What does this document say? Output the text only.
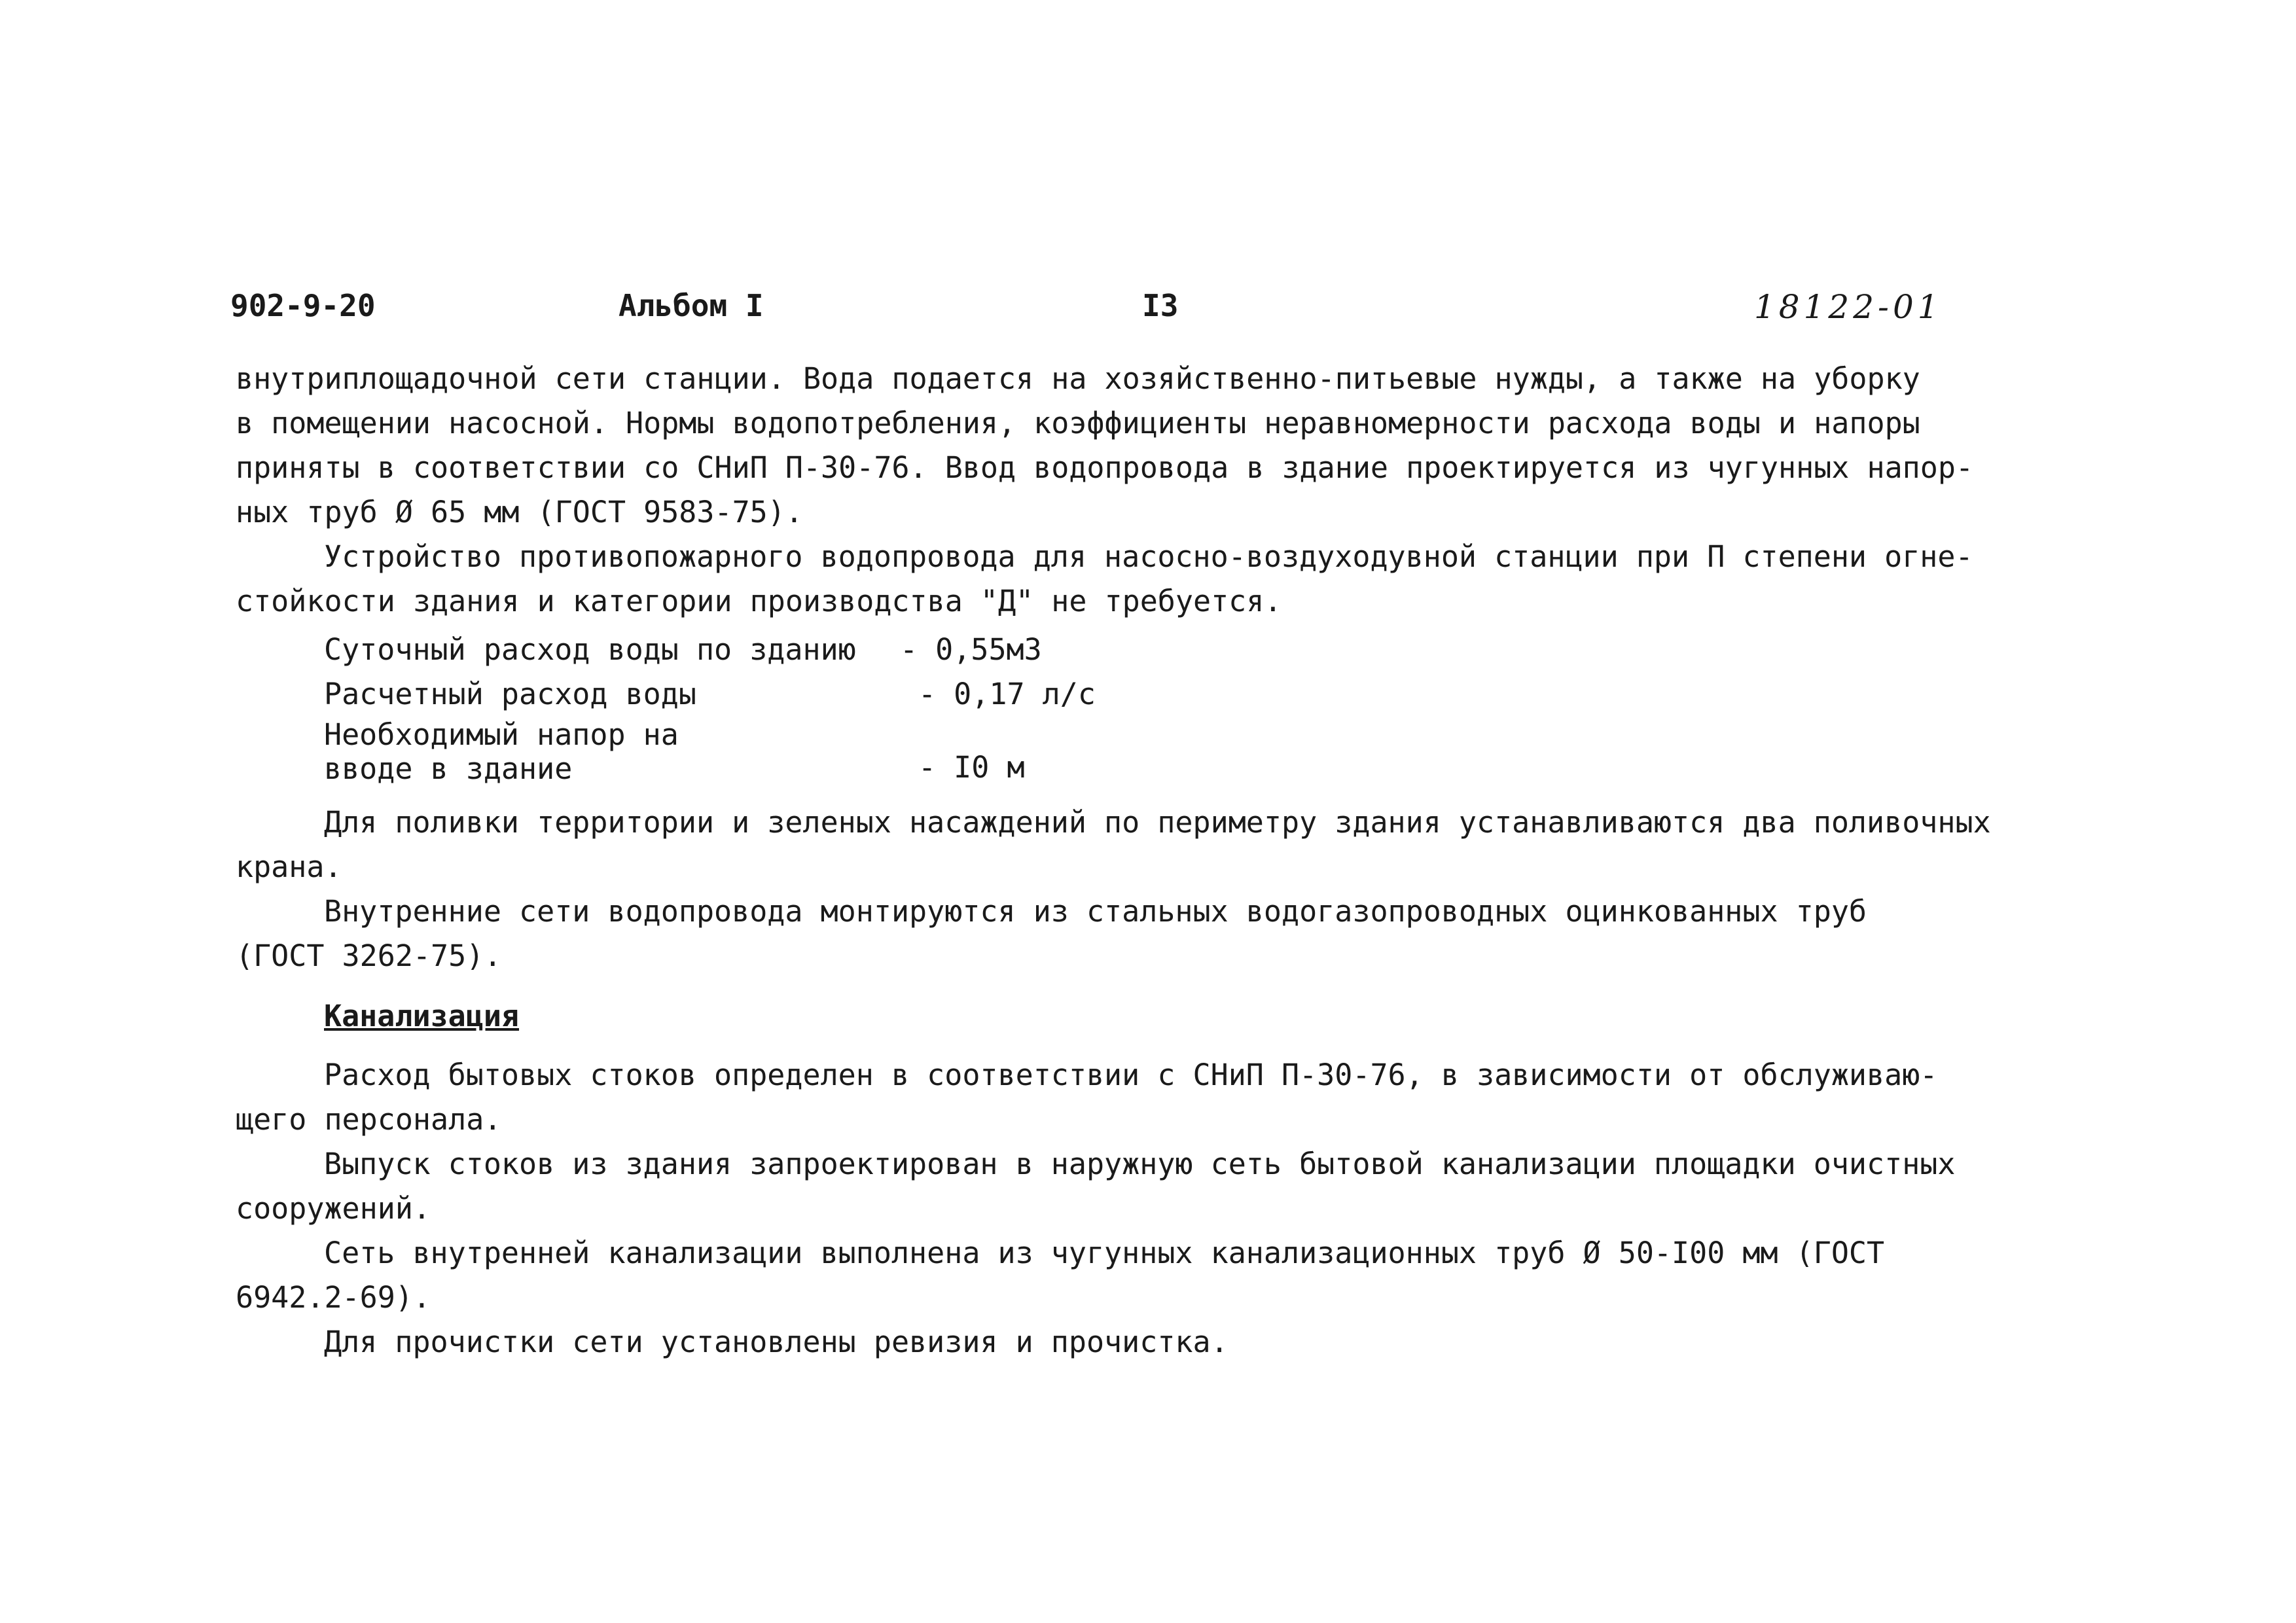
902-9-20	Альбом I	I3	18122-01

внутриплощадочной сети станции. Вода подается на хозяйственно-питьевые нужды, а также на уборку

в помещении насосной. Нормы водопотребления, коэффициенты неравномерности расхода воды и напоры

приняты в соответствии со СНиП П-30-76. Ввод водопровода в здание проектируется из чугунных напор-

ных труб Ø 65 мм (ГОСТ 9583-75).

Устройство противопожарного водопровода для насосно-воздуходувной станции при П степени огне-

стойкости здания и категории производства "Д" не требуется.

Суточный расход воды по зданию	- 0,55м3
Расчетный расход воды	- 0,17 л/с
Необходимый напор на вводе в здание	- I0 м

Для поливки территории и зеленых насаждений по периметру здания устанавливаются два поливочных

крана.

Внутренние сети водопровода монтируются из стальных водогазопроводных оцинкованных труб

(ГОСТ 3262-75).

Канализация

Расход бытовых стоков определен в соответствии с СНиП П-30-76, в зависимости от обслуживаю-

щего персонала.

Выпуск стоков из здания запроектирован в наружную сеть бытовой канализации площадки очистных

сооружений.

Сеть внутренней канализации выполнена из чугунных канализационных труб Ø 50-I00 мм (ГОСТ

6942.2-69).

Для прочистки сети установлены ревизия и прочистка.
